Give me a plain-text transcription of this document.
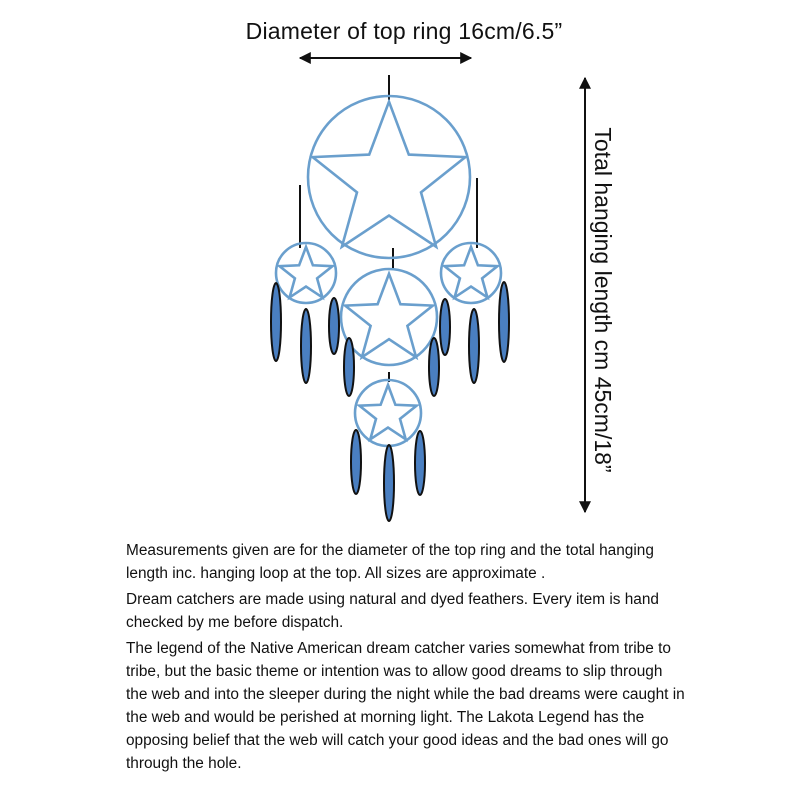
Diameter of top ring 16cm/6.5”
Total hanging length cm 45cm/18”

Measurements given are for the diameter of the top ring and the total hanging length inc. hanging loop at the top. All sizes are approximate .

Dream catchers are made using natural and dyed feathers. Every item is hand checked by me before dispatch.

The legend of the Native American dream catcher varies somewhat from tribe to tribe, but the basic theme or intention was to allow good dreams to slip through the web and into the sleeper during the night while the bad dreams were caught in the web and would be perished at morning light. The Lakota Legend has the opposing belief that the web will catch your good ideas and the bad ones will go through the hole.
